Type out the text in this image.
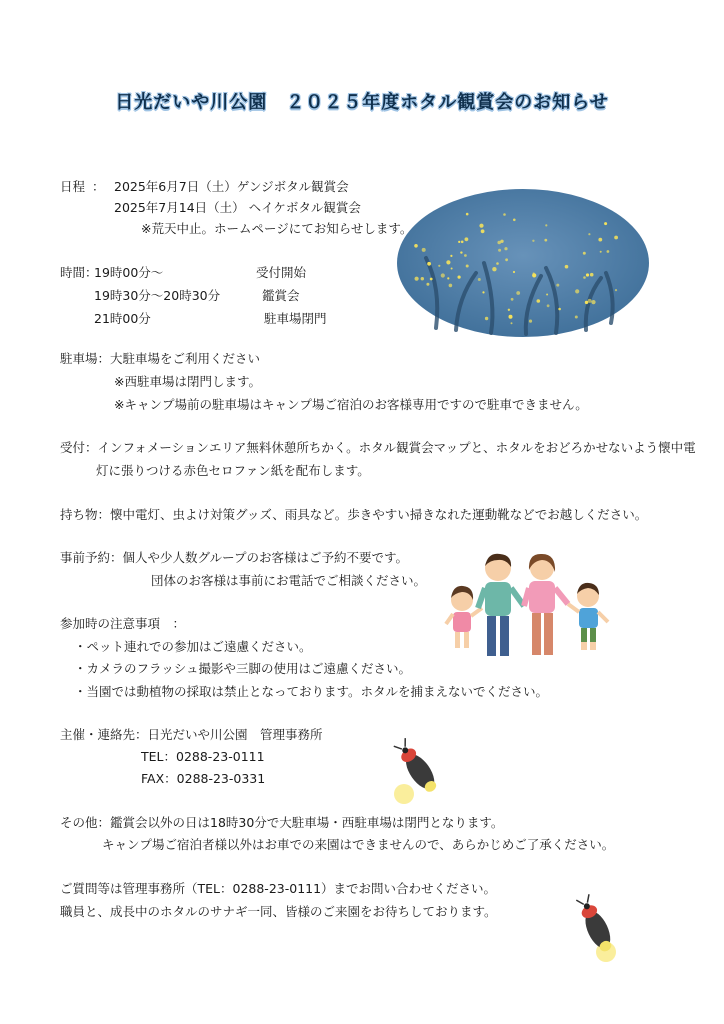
日光だいや川公園　２０２５年度ホタル観賞会のお知らせ
日程 ： 2025年6月7日（土）ゲンジボタル観賞会
2025年7月14日（土） ヘイケボタル観賞会
※荒天中止。ホームページにてお知らせします。
時間：
19時00分～	受付開始
19時30分～20時30分	鑑賞会
21時00分	駐車場閉門
駐車場：大駐車場をご利用ください
※西駐車場は閉門します。
※キャンプ場前の駐車場はキャンプ場ご宿泊のお客様専用ですので駐車できません。
受付：インフォメーションエリア無料休憩所ちかく。ホタル観賞会マップと、ホタルをおどろかせないよう懐中電
灯に張りつける赤色セロファン紙を配布します。
持ち物：懐中電灯、虫よけ対策グッズ、雨具など。歩きやすい掃きなれた運動靴などでお越しください。
事前予約：個人や少人数グループのお客様はご予約不要です。
団体のお客様は事前にお電話でご相談ください。
参加時の注意事項　：
・ペット連れでの参加はご遠慮ください。
・カメラのフラッシュ撮影や三脚の使用はご遠慮ください。
・当園では動植物の採取は禁止となっております。ホタルを捕まえないでください。
主催・連絡先：日光だいや川公園　管理事務所
TEL：0288-23-0111
FAX：0288-23-0331
その他：鑑賞会以外の日は18時30分で大駐車場・西駐車場は閉門となります。
キャンプ場ご宿泊者様以外はお車での来園はできませんので、あらかじめご了承ください。
ご質問等は管理事務所（TEL：0288-23-0111）までお問い合わせください。
職員と、成長中のホタルのサナギ一同、皆様のご来園をお待ちしております。
